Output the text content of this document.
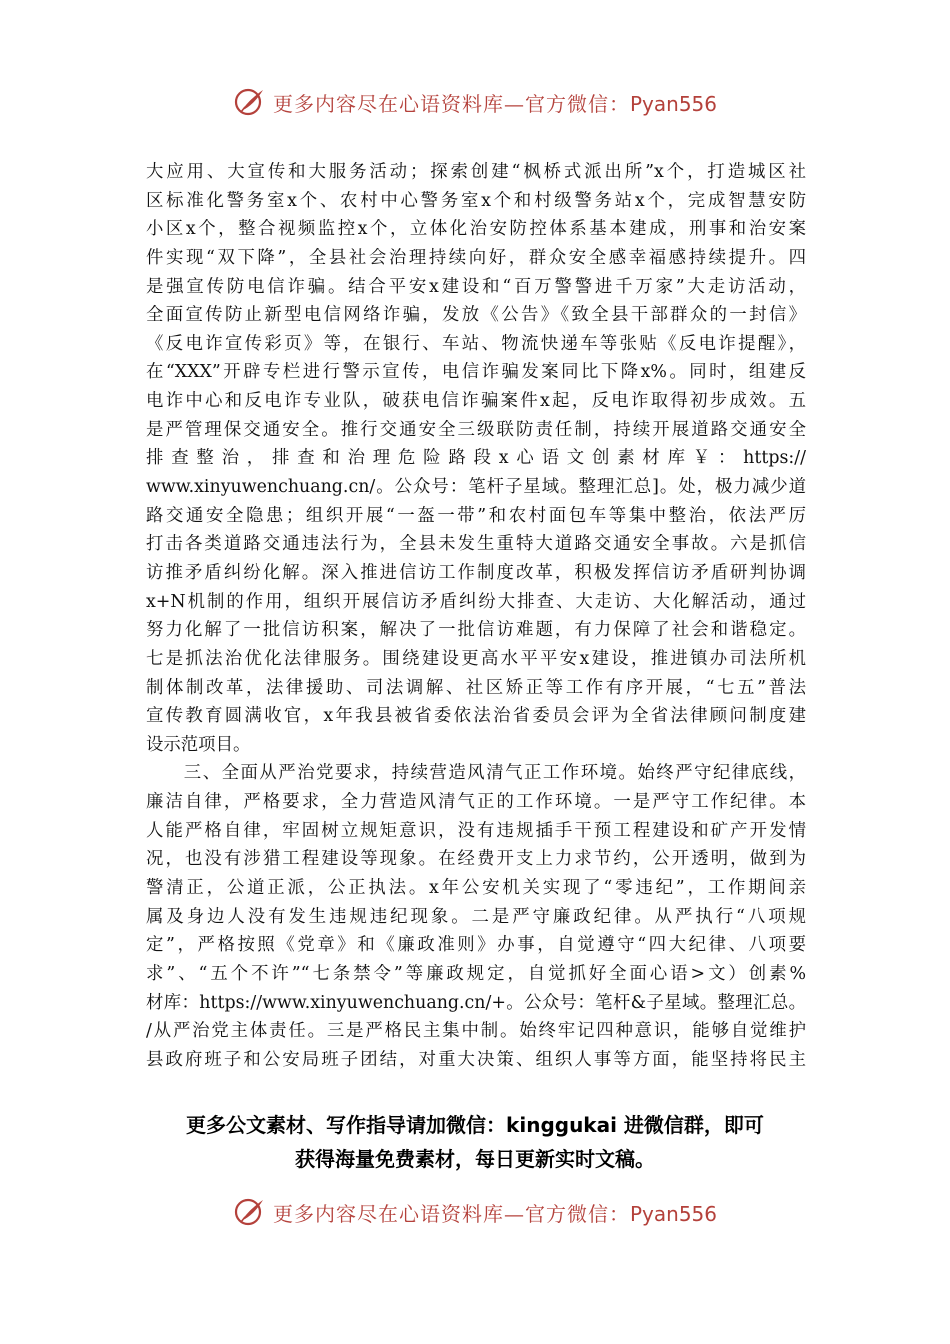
更多内容尽在心语资料库—官方微信：Pyan556
大应用、大宣传和大服务活动；探索创建“枫桥式派出所”x个，打造城区社
区标准化警务室x个、农村中心警务室x个和村级警务站x个，完成智慧安防
小区x个，整合视频监控x个，立体化治安防控体系基本建成，刑事和治安案
件实现“双下降”，全县社会治理持续向好，群众安全感幸福感持续提升。四
是强宣传防电信诈骗。结合平安x建设和“百万警警进千万家”大走访活动，
全面宣传防止新型电信网络诈骗，发放《公告》《致全县干部群众的一封信》
《反电诈宣传彩页》等，在银行、车站、物流快递车等张贴《反电诈提醒》，
在“XXX”开辟专栏进行警示宣传，电信诈骗发案同比下降x%。同时，组建反
电诈中心和反电诈专业队，破获电信诈骗案件x起，反电诈取得初步成效。五
是严管理保交通安全。推行交通安全三级联防责任制，持续开展道路交通安全
排查整治，排查和治理危险路段x心语文创素材库￥：https://
www.xinyuwenchuang.cn/。公众号：笔杆子星域。整理汇总]。处，极力减少道
路交通安全隐患；组织开展“一盔一带”和农村面包车等集中整治，依法严厉
打击各类道路交通违法行为，全县未发生重特大道路交通安全事故。六是抓信
访推矛盾纠纷化解。深入推进信访工作制度改革，积极发挥信访矛盾研判协调
x+N机制的作用，组织开展信访矛盾纠纷大排查、大走访、大化解活动，通过
努力化解了一批信访积案，解决了一批信访难题，有力保障了社会和谐稳定。
七是抓法治优化法律服务。围绕建设更高水平平安x建设，推进镇办司法所机
制体制改革，法律援助、司法调解、社区矫正等工作有序开展，“七五”普法
宣传教育圆满收官，x年我县被省委依法治省委员会评为全省法律顾问制度建
设示范项目。
　　三、全面从严治党要求，持续营造风清气正工作环境。始终严守纪律底线，
廉洁自律，严格要求，全力营造风清气正的工作环境。一是严守工作纪律。本
人能严格自律，牢固树立规矩意识，没有违规插手干预工程建设和矿产开发情
况，也没有涉猎工程建设等现象。在经费开支上力求节约，公开透明，做到为
警清正，公道正派，公正执法。x年公安机关实现了“零违纪”，工作期间亲
属及身边人没有发生违规违纪现象。二是严守廉政纪律。从严执行“八项规
定”，严格按照《党章》和《廉政准则》办事，自觉遵守“四大纪律、八项要
求”、“五个不许”“七条禁令”等廉政规定，自觉抓好全面心语>文）创素%
材库：https://www.xinyuwenchuang.cn/+。公众号：笔杆&子星域。整理汇总。
/从严治党主体责任。三是严格民主集中制。始终牢记四种意识，能够自觉维护
县政府班子和公安局班子团结，对重大决策、组织人事等方面，能坚持将民主
更多公文素材、写作指导请加微信：kinggukai 进微信群，即可
获得海量免费素材，每日更新实时文稿。
更多内容尽在心语资料库—官方微信：Pyan556
